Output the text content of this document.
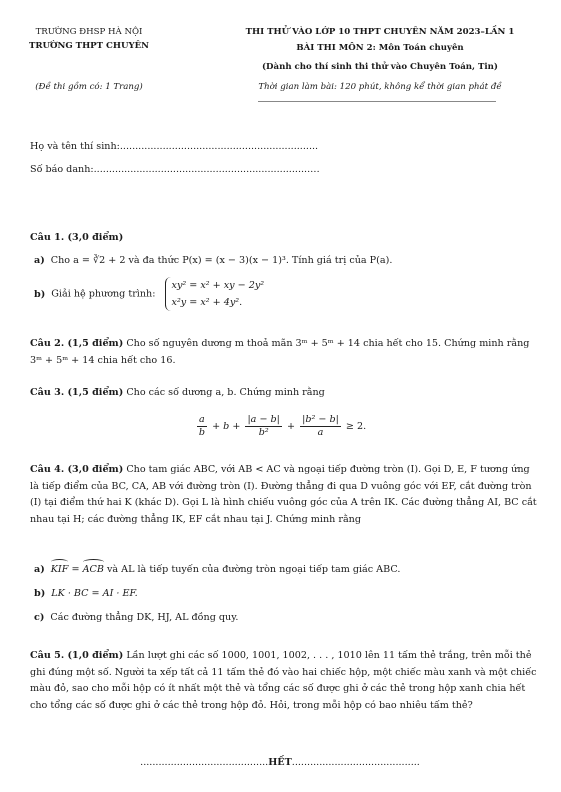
TRƯỜNG ĐHSP HÀ NỘI
TRƯỜNG THPT CHUYÊN
(Đề thi gồm có: 1 Trang)
THI THỬ VÀO LỚP 10 THPT CHUYÊN NĂM 2023–LẦN 1
BÀI THI MÔN 2: Môn Toán chuyên
(Dành cho thí sinh thi thử vào Chuyên Toán, Tin)
Thời gian làm bài: 120 phút, không kể thời gian phát đề
Họ và tên thí sinh:.................................................................
Số báo danh:.......................................................................…
Câu 1. (3,0 điểm)
a) Cho a = ∛2 + 2 và đa thức P(x) = (x − 3)(x − 1)³. Tính giá trị của P(a).
b) Giải hệ phương trình:
xy² = x² + xy − 2y²
x²y = x² + 4y².
Câu 2. (1,5 điểm) Cho số nguyên dương m thoả mãn 3ᵐ + 5ᵐ + 14 chia hết cho 15. Chứng minh rằng 3ᵐ + 5ᵐ + 14 chia hết cho 16.
Câu 3. (1,5 điểm) Cho các số dương a, b. Chứng minh rằng
$\frac{a}{b} + b + \frac{|a - b|}{\text{b²}} + \frac{\text{|b² − b|}}{a} \ge 2$.
Câu 4. (3,0 điểm) Cho tam giác ABC, với AB < AC và ngoại tiếp đường tròn (I). Gọi D, E, F tương ứng là tiếp điểm của BC, CA, AB với đường tròn (I). Đường thẳng đi qua D vuông góc với EF, cắt đường tròn (I) tại điểm thứ hai K (khác D). Gọi L là hình chiếu vuông góc của A trên IK. Các đường thẳng AI, BC cắt nhau tại H; các đường thẳng IK, EF cắt nhau tại J. Chứng minh rằng
a) KIF = ACB và AL là tiếp tuyến của đường tròn ngoại tiếp tam giác ABC.
b) LK · BC = AI · EF.
c) Các đường thẳng DK, HJ, AL đồng quy.
Câu 5. (1,0 điểm) Lần lượt ghi các số 1000, 1001, 1002, . . . , 1010 lên 11 tấm thẻ trắng, trên mỗi thẻ ghi đúng một số. Người ta xếp tất cả 11 tấm thẻ đó vào hai chiếc hộp, một chiếc màu xanh và một chiếc màu đỏ, sao cho mỗi hộp có ít nhất một thẻ và tổng các số được ghi ở các thẻ trong hộp xanh chia hết cho tổng các số được ghi ở các thẻ trong hộp đỏ. Hỏi, trong mỗi hộp có bao nhiêu tấm thẻ?
..........................................HẾT..........................................
